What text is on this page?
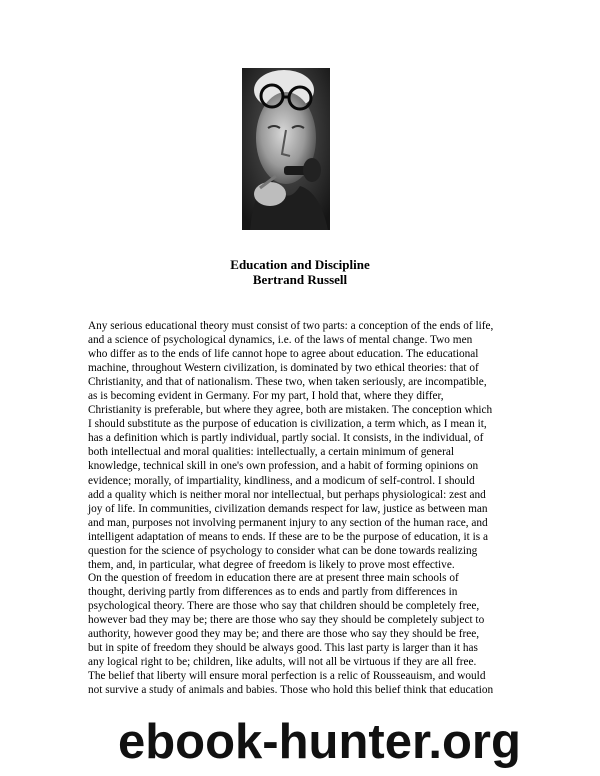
Education and Discipline
Bertrand Russell

Any serious educational theory must consist of two parts: a conception of the ends of life,
and a science of psychological dynamics, i.e. of the laws of mental change. Two men
who differ as to the ends of life cannot hope to agree about education. The educational
machine, throughout Western civilization, is dominated by two ethical theories: that of
Christianity, and that of nationalism. These two, when taken seriously, are incompatible,
as is becoming evident in Germany. For my part, I hold that, where they differ,
Christianity is preferable, but where they agree, both are mistaken. The conception which
I should substitute as the purpose of education is civilization, a term which, as I mean it,
has a definition which is partly individual, partly social. It consists, in the individual, of
both intellectual and moral qualities: intellectually, a certain minimum of general
knowledge, technical skill in one's own profession, and a habit of forming opinions on
evidence; morally, of impartiality, kindliness, and a modicum of self-control. I should
add a quality which is neither moral nor intellectual, but perhaps physiological: zest and
joy of life. In communities, civilization demands respect for law, justice as between man
and man, purposes not involving permanent injury to any section of the human race, and
intelligent adaptation of means to ends. If these are to be the purpose of education, it is a
question for the science of psychology to consider what can be done towards realizing
them, and, in particular, what degree of freedom is likely to prove most effective.

On the question of freedom in education there are at present three main schools of
thought, deriving partly from differences as to ends and partly from differences in
psychological theory. There are those who say that children should be completely free,
however bad they may be; there are those who say they should be completely subject to
authority, however good they may be; and there are those who say they should be free,
but in spite of freedom they should be always good. This last party is larger than it has
any logical right to be; children, like adults, will not all be virtuous if they are all free.
The belief that liberty will ensure moral perfection is a relic of Rousseauism, and would
not survive a study of animals and babies. Those who hold this belief think that education

ebook-hunter.org
